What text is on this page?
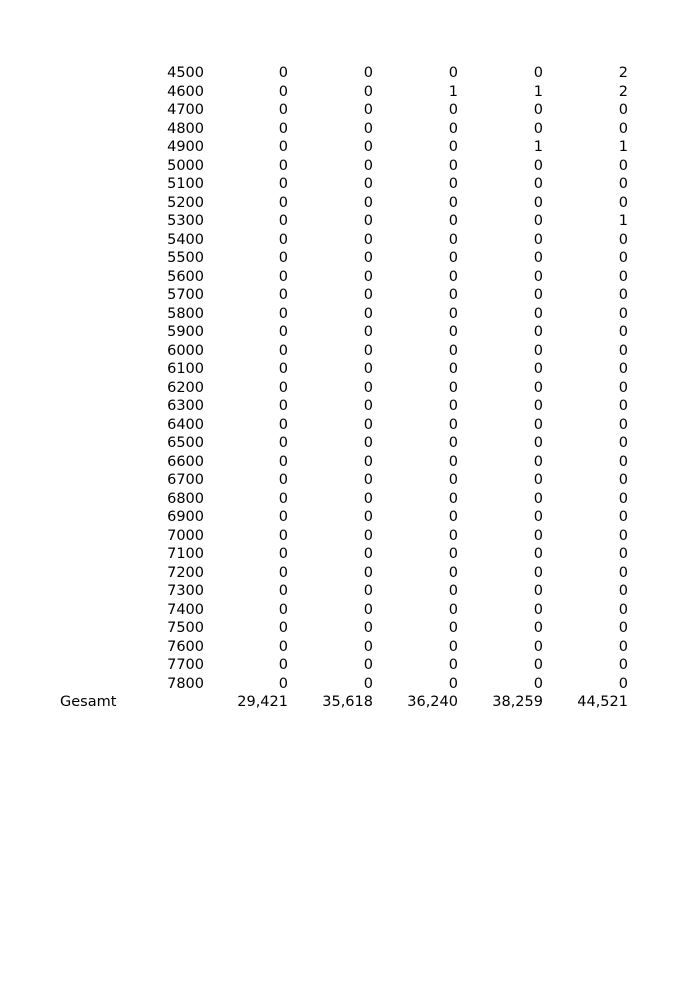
4500	0	0	0	0	2
4600	0	0	1	1	2
4700	0	0	0	0	0
4800	0	0	0	0	0
4900	0	0	0	1	1
5000	0	0	0	0	0
5100	0	0	0	0	0
5200	0	0	0	0	0
5300	0	0	0	0	1
5400	0	0	0	0	0
5500	0	0	0	0	0
5600	0	0	0	0	0
5700	0	0	0	0	0
5800	0	0	0	0	0
5900	0	0	0	0	0
6000	0	0	0	0	0
6100	0	0	0	0	0
6200	0	0	0	0	0
6300	0	0	0	0	0
6400	0	0	0	0	0
6500	0	0	0	0	0
6600	0	0	0	0	0
6700	0	0	0	0	0
6800	0	0	0	0	0
6900	0	0	0	0	0
7000	0	0	0	0	0
7100	0	0	0	0	0
7200	0	0	0	0	0
7300	0	0	0	0	0
7400	0	0	0	0	0
7500	0	0	0	0	0
7600	0	0	0	0	0
7700	0	0	0	0	0
7800	0	0	0	0	0
Gesamt	29,421	35,618	36,240	38,259	44,521
